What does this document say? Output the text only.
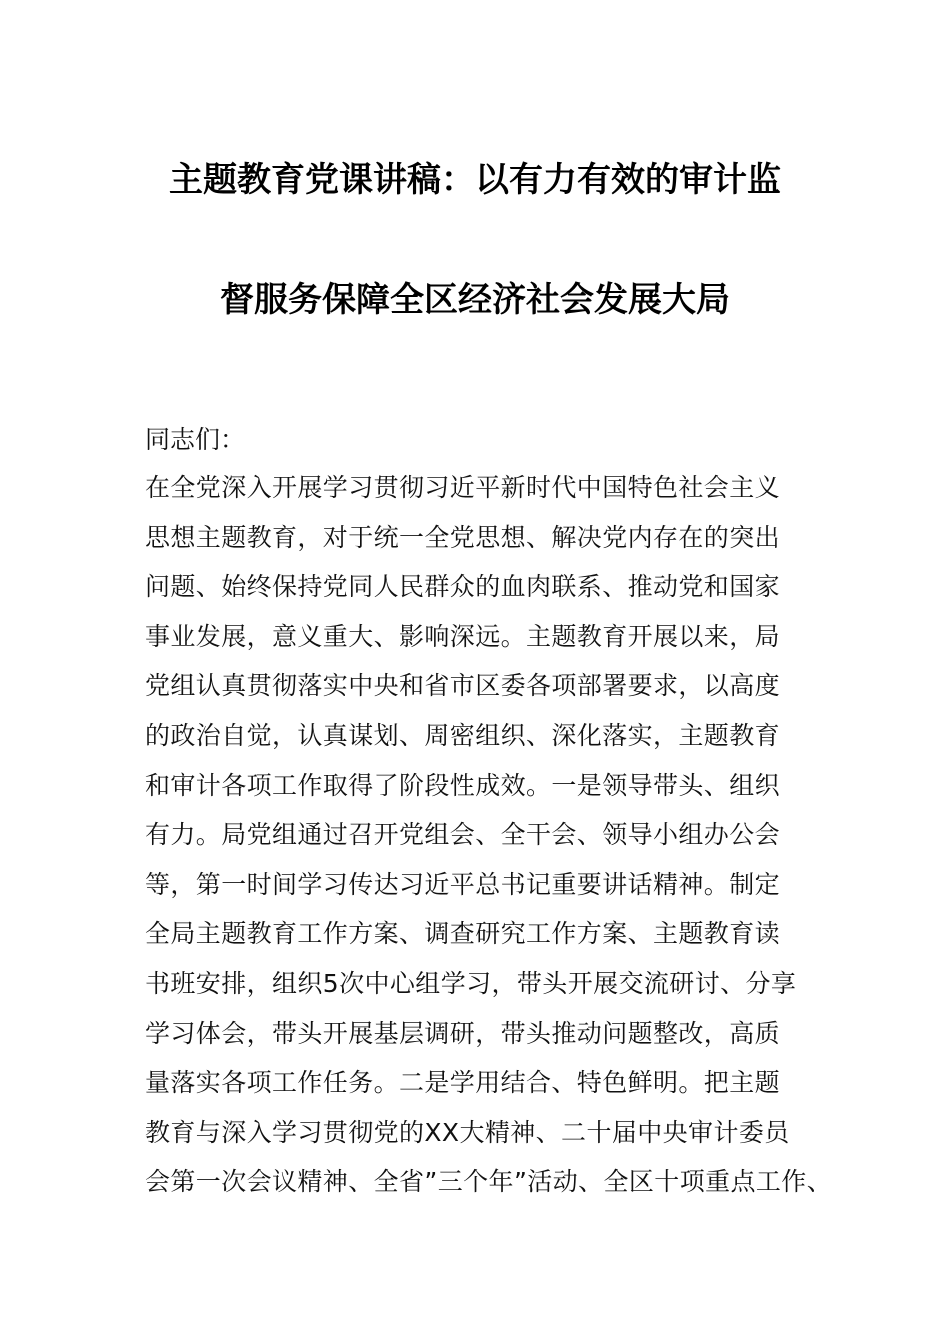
主题教育党课讲稿：以有力有效的审计监
督服务保障全区经济社会发展大局
同志们：
在全党深入开展学习贯彻习近平新时代中国特色社会主义
思想主题教育，对于统一全党思想、解决党内存在的突出
问题、始终保持党同人民群众的血肉联系、推动党和国家
事业发展，意义重大、影响深远。主题教育开展以来，局
党组认真贯彻落实中央和省市区委各项部署要求，以高度
的政治自觉，认真谋划、周密组织、深化落实，主题教育
和审计各项工作取得了阶段性成效。一是领导带头、组织
有力。局党组通过召开党组会、全干会、领导小组办公会
等，第一时间学习传达习近平总书记重要讲话精神。制定
全局主题教育工作方案、调查研究工作方案、主题教育读
书班安排，组织5次中心组学习，带头开展交流研讨、分享
学习体会，带头开展基层调研，带头推动问题整改，高质
量落实各项工作任务。二是学用结合、特色鲜明。把主题
教育与深入学习贯彻党的XX大精神、二十届中央审计委员
会第一次会议精神、全省”三个年”活动、全区十项重点工作、
